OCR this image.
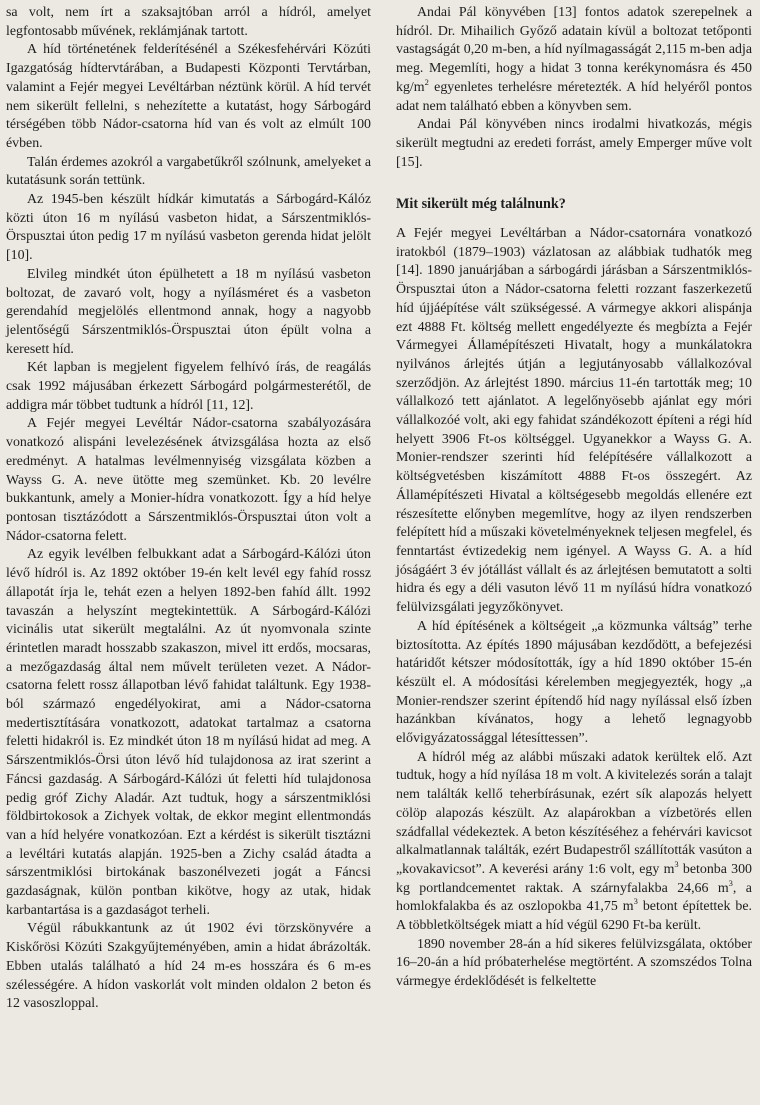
sa volt, nem írt a szaksajtóban arról a hídról, amelyet legfontosabb művének, reklámjának tartott.

A híd történetének felderítésénél a Székesfehérvári Közúti Igazgatóság hídtervtárában, a Budapesti Központi Tervtárban, valamint a Fejér megyei Levéltárban néztünk körül. A híd tervét nem sikerült fellelni, s nehezítette a kutatást, hogy Sárbogárd térségében több Nádor-csatorna híd van és volt az elmúlt 100 évben.

Talán érdemes azokról a vargabetűkről szólnunk, amelyeket a kutatásunk során tettünk.

Az 1945-ben készült hídkár kimutatás a Sárbogárd-Kálóz közti úton 16 m nyílású vasbeton hidat, a Sárszentmiklós-Örspusztai úton pedig 17 m nyílású vasbeton gerenda hidat jelölt [10].

Elvileg mindkét úton épülhetett a 18 m nyílású vasbeton boltozat, de zavaró volt, hogy a nyílásméret és a vasbeton gerendahíd megjelölés ellentmond annak, hogy a nagyobb jelentőségű Sárszentmiklós-Örspusztai úton épült volna a keresett híd.

Két lapban is megjelent figyelem felhívó írás, de reagálás csak 1992 májusában érkezett Sárbogárd polgármesterétől, de addigra már többet tudtunk a hídról [11, 12].

A Fejér megyei Levéltár Nádor-csatorna szabályozására vonatkozó alispáni levelezésének átvizsgálása hozta az első eredményt. A hatalmas levélmennyiség vizsgálata közben a Wayss G. A. neve ütötte meg szemünket. Kb. 20 levélre bukkantunk, amely a Monier-hídra vonatkozott. Így a híd helye pontosan tisztázódott a Sárszentmiklós-Örspusztai úton volt a Nádor-csatorna felett.

Az egyik levélben felbukkant adat a Sárbogárd-Kálózi úton lévő hídról is. Az 1892 október 19-én kelt levél egy fahíd rossz állapotát írja le, tehát ezen a helyen 1892-ben fahíd állt. 1992 tavaszán a helyszínt megtekintettük. A Sárbogárd-Kálózi vicinális utat sikerült megtalálni. Az út nyomvonala szinte érintetlen maradt hosszabb szakaszon, mivel itt erdős, mocsaras, a mezőgazdaság által nem művelt területen vezet. A Nádor-csatorna felett rossz állapotban lévő fahidat találtunk. Egy 1938-ból származó engedélyokirat, ami a Nádor-csatorna medertisztítására vonatkozott, adatokat tartalmaz a csatorna feletti hidakról is. Ez mindkét úton 18 m nyílású hidat ad meg. A Sárszentmiklós-Örsi úton lévő híd tulajdonosa az irat szerint a Fáncsi gazdaság. A Sárbogárd-Kálózi út feletti híd tulajdonosa pedig gróf Zichy Aladár. Azt tudtuk, hogy a sárszentmiklósi földbirtokosok a Zichyek voltak, de ekkor megint ellentmondás van a híd helyére vonatkozóan. Ezt a kérdést is sikerült tisztázni a levéltári kutatás alapján. 1925-ben a Zichy család átadta a sárszentmiklósi birtokának baszonélvezeti jogát a Fáncsi gazdaságnak, külön pontban kikötve, hogy az utak, hidak karbantartása is a gazdaságot terheli.

Végül rábukkantunk az út 1902 évi törzskönyvére a Kiskőrösi Közúti Szakgyűjteményében, amin a hidat ábrázolták. Ebben utalás található a híd 24 m-es hosszára és 6 m-es szélességére. A hídon vaskorlát volt minden oldalon 2 beton és 12 vasoszloppal.

Andai Pál könyvében [13] fontos adatok szerepelnek a hídról. Dr. Mihailich Győző adatain kívül a boltozat tetőponti vastagságát 0,20 m-ben, a híd nyílmagasságát 2,115 m-ben adja meg. Megemlíti, hogy a hidat 3 tonna kerékynomásra és 450 $kg/m^2$ egyenletes terhelésre méretezték. A híd helyéről pontos adat nem található ebben a könyvben sem.

Andai Pál könyvében nincs irodalmi hivatkozás, mégis sikerült megtudni az eredeti forrást, amely Emperger műve volt [15].

Mit sikerült még találnunk?

A Fejér megyei Levéltárban a Nádor-csatornára vonatkozó iratokból (1879–1903) vázlatosan az alábbiak tudhatók meg [14]. 1890 januárjában a sárbogárdi járásban a Sárszentmiklós-Örspusztai úton a Nádor-csatorna feletti rozzant faszerkezetű híd újjáépítése vált szükségessé. A vármegye akkori alispánja ezt 4888 Ft. költség mellett engedélyezte és megbízta a Fejér Vármegyei Államépítészeti Hivatalt, hogy a munkálatokra nyilvános árlejtés útján a legjutányosabb vállalkozóval szerződjön. Az árlejtést 1890. március 11-én tartották meg; 10 vállalkozó tett ajánlatot. A legelőnyösebb ajánlat egy móri vállalkozóé volt, aki egy fahidat szándékozott építeni a régi híd helyett 3906 Ft-os költséggel. Ugyanekkor a Wayss G. A. Monier-rendszer szerinti híd felépítésére vállalkozott a költségvetésben kiszámított 4888 Ft-os összegért. Az Államépítészeti Hivatal a költségesebb megoldás ellenére ezt részesítette előnyben megemlítve, hogy az ilyen rendszerben felépített híd a műszaki követelményeknek teljesen megfelel, és fenntartást évtizedekig nem igényel. A Wayss G. A. a híd jóságáért 3 év jótállást vállalt és az árlejtésen bemutatott a solti hidra és egy a déli vasuton lévő 11 m nyílású hídra vonatkozó felülvizsgálati jegyzőkönyvet.

A híd építésének a költségeit „a közmunka váltság” terhe biztosította. Az építés 1890 májusában kezdődött, a befejezési határidőt kétszer módosították, így a híd 1890 október 15-én készült el. A módosítási kérelemben megjegyezték, hogy „a Monier-rendszer szerint építendő híd nagy nyílással első ízben hazánkban kívánatos, hogy a lehető legnagyobb elővigyázatossággal létesíttessen”.

A hídról még az alábbi műszaki adatok kerültek elő. Azt tudtuk, hogy a híd nyílása 18 m volt. A kivitelezés során a talajt nem találták kellő teherbírásunak, ezért sík alapozás helyett cölöp alapozás készült. Az alapárokban a vízbetörés ellen szádfallal védekeztek. A beton készítéséhez a fehérvári kavicsot alkalmatlannak találták, ezért Budapestről szállították vasúton a „kovakavicsot”. A keverési arány 1:6 volt, egy $m^3$ betonba 300 kg portlandcementet raktak. A szárnyfalakba 24,66 $m^3$, a homlokfalakba és az oszlopokba 41,75 $m^3$ betont építettek be. A többletköltségek miatt a híd végül 6290 Ft-ba került.

1890 november 28-án a híd sikeres felülvizsgálata, október 16–20-án a híd próbaterhelése megtörtént. A szomszédos Tolna vármegye érdeklődését is felkeltette
